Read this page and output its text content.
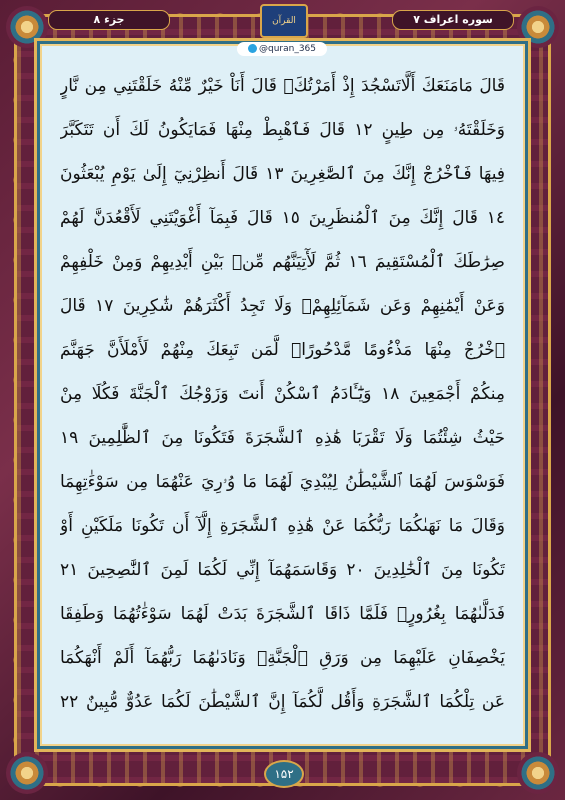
جزء ۸	القرآن	سوره اعراف ۷
@quran_365
قَالَ مَامَنَعَكَ أَلَّاتَسْجُدَ إِذْ أَمَرْتُكَۖ قَالَ أَنَاْ خَيْرٌ مِّنْهُ خَلَقْتَنِي مِن نَّارٍ
وَخَلَقْتَهُۥ مِن طِينٍ ١٢ قَالَ فَٱهْبِطْ مِنْهَا فَمَايَكُونُ لَكَ أَن تَتَكَبَّرَ
فِيهَا فَٱخْرُجْ إِنَّكَ مِنَ ٱلصَّٰغِرِينَ ١٣ قَالَ أَنظِرْنِيٓ إِلَىٰ يَوْمِ يُبْعَثُونَ
١٤ قَالَ إِنَّكَ مِنَ ٱلْمُنظَرِينَ ١٥ قَالَ فَبِمَآ أَغْوَيْتَنِي لَأَقْعُدَنَّ لَهُمْ
صِرَٰطَكَ ٱلْمُسْتَقِيمَ ١٦ ثُمَّ لَأٓتِيَنَّهُم مِّنۢ بَيْنِ أَيْدِيهِمْ وَمِنْ خَلْفِهِمْ
وَعَنْ أَيْمَٰنِهِمْ وَعَن شَمَآئِلِهِمْۖ وَلَا تَجِدُ أَكْثَرَهُمْ شَٰكِرِينَ ١٧ قَالَ
ٱخْرُجْ مِنْهَا مَذْءُومًا مَّدْحُورًاۖ لَّمَن تَبِعَكَ مِنْهُمْ لَأَمْلَأَنَّ جَهَنَّمَ
مِنكُمْ أَجْمَعِينَ ١٨ وَيَٰٓـَٔادَمُ ٱسْكُنْ أَنتَ وَزَوْجُكَ ٱلْجَنَّةَ فَكُلَا مِنْ
حَيْثُ شِئْتُمَا وَلَا تَقْرَبَا هَٰذِهِ ٱلشَّجَرَةَ فَتَكُونَا مِنَ ٱلظَّٰلِمِينَ ١٩
فَوَسْوَسَ لَهُمَا ٱلشَّيْطَٰنُ لِيُبْدِيَ لَهُمَا مَا وُۥرِيَ عَنْهُمَا مِن سَوْءَٰتِهِمَا
وَقَالَ مَا نَهَىٰكُمَا رَبُّكُمَا عَنْ هَٰذِهِ ٱلشَّجَرَةِ إِلَّآ أَن تَكُونَا مَلَكَيْنِ أَوْ
تَكُونَا مِنَ ٱلْخَٰلِدِينَ ٢٠ وَقَاسَمَهُمَآ إِنِّي لَكُمَا لَمِنَ ٱلنَّٰصِحِينَ ٢١
فَدَلَّىٰهُمَا بِغُرُورٍۚ فَلَمَّا ذَاقَا ٱلشَّجَرَةَ بَدَتْ لَهُمَا سَوْءَٰتُهُمَا وَطَفِقَا
يَخْصِفَانِ عَلَيْهِمَا مِن وَرَقِ ٱلْجَنَّةِۖ وَنَادَىٰهُمَا رَبُّهُمَآ أَلَمْ أَنْهَكُمَا
عَن تِلْكُمَا ٱلشَّجَرَةِ وَأَقُل لَّكُمَآ إِنَّ ٱلشَّيْطَٰنَ لَكُمَا عَدُوٌّ مُّبِينٌ ٢٢
۱۵۲
